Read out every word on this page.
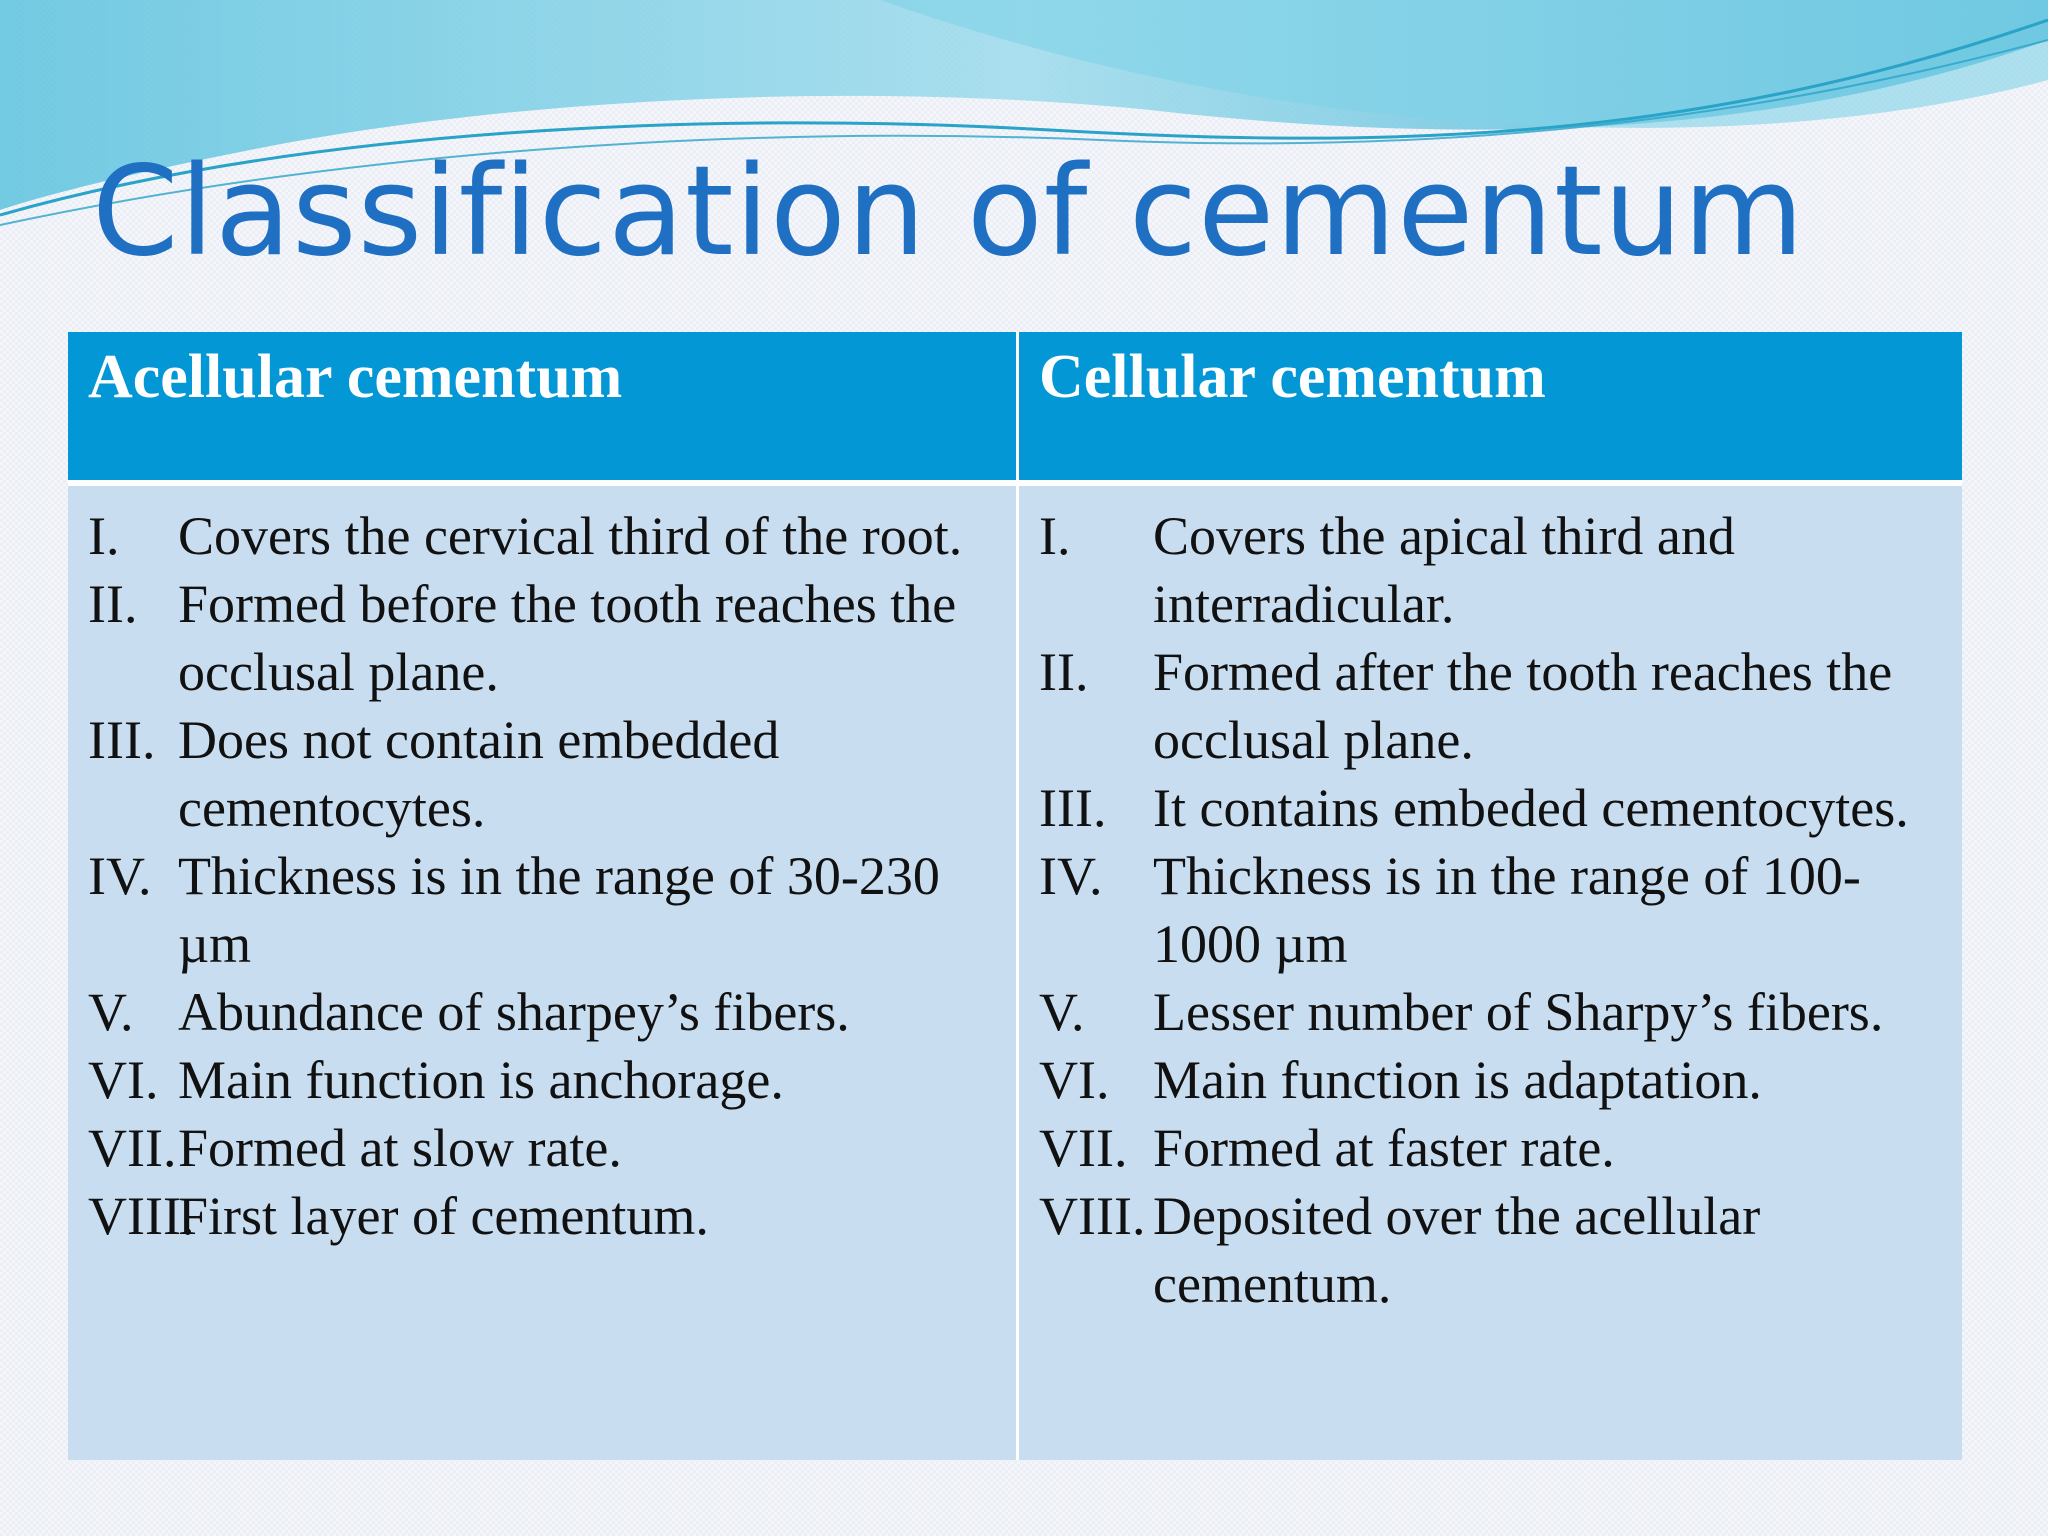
Classification of cementum
Acellular cementum	Cellular cementum
I.	Covers the cervical third of the root.
II. Formed before the tooth reaches the occlusal plane.
III. Does not contain embedded cementocytes.
IV. Thickness is in the range of 30-230 µm
V. Abundance of sharpey’s fibers.
VI. Main function is anchorage.
VII. Formed at slow rate.
VIII.
First layer of cementum.
I.	Covers the apical third and interradicular.
II.	Formed after the tooth reaches the occlusal plane.
III. It contains embeded cementocytes.
IV. Thickness is in the range of 100-1000 µm
V.	Lesser number of Sharpy’s fibers.
VI. Main function is adaptation.
VII. Formed at faster rate.
VIII. Deposited over the acellular cementum.
